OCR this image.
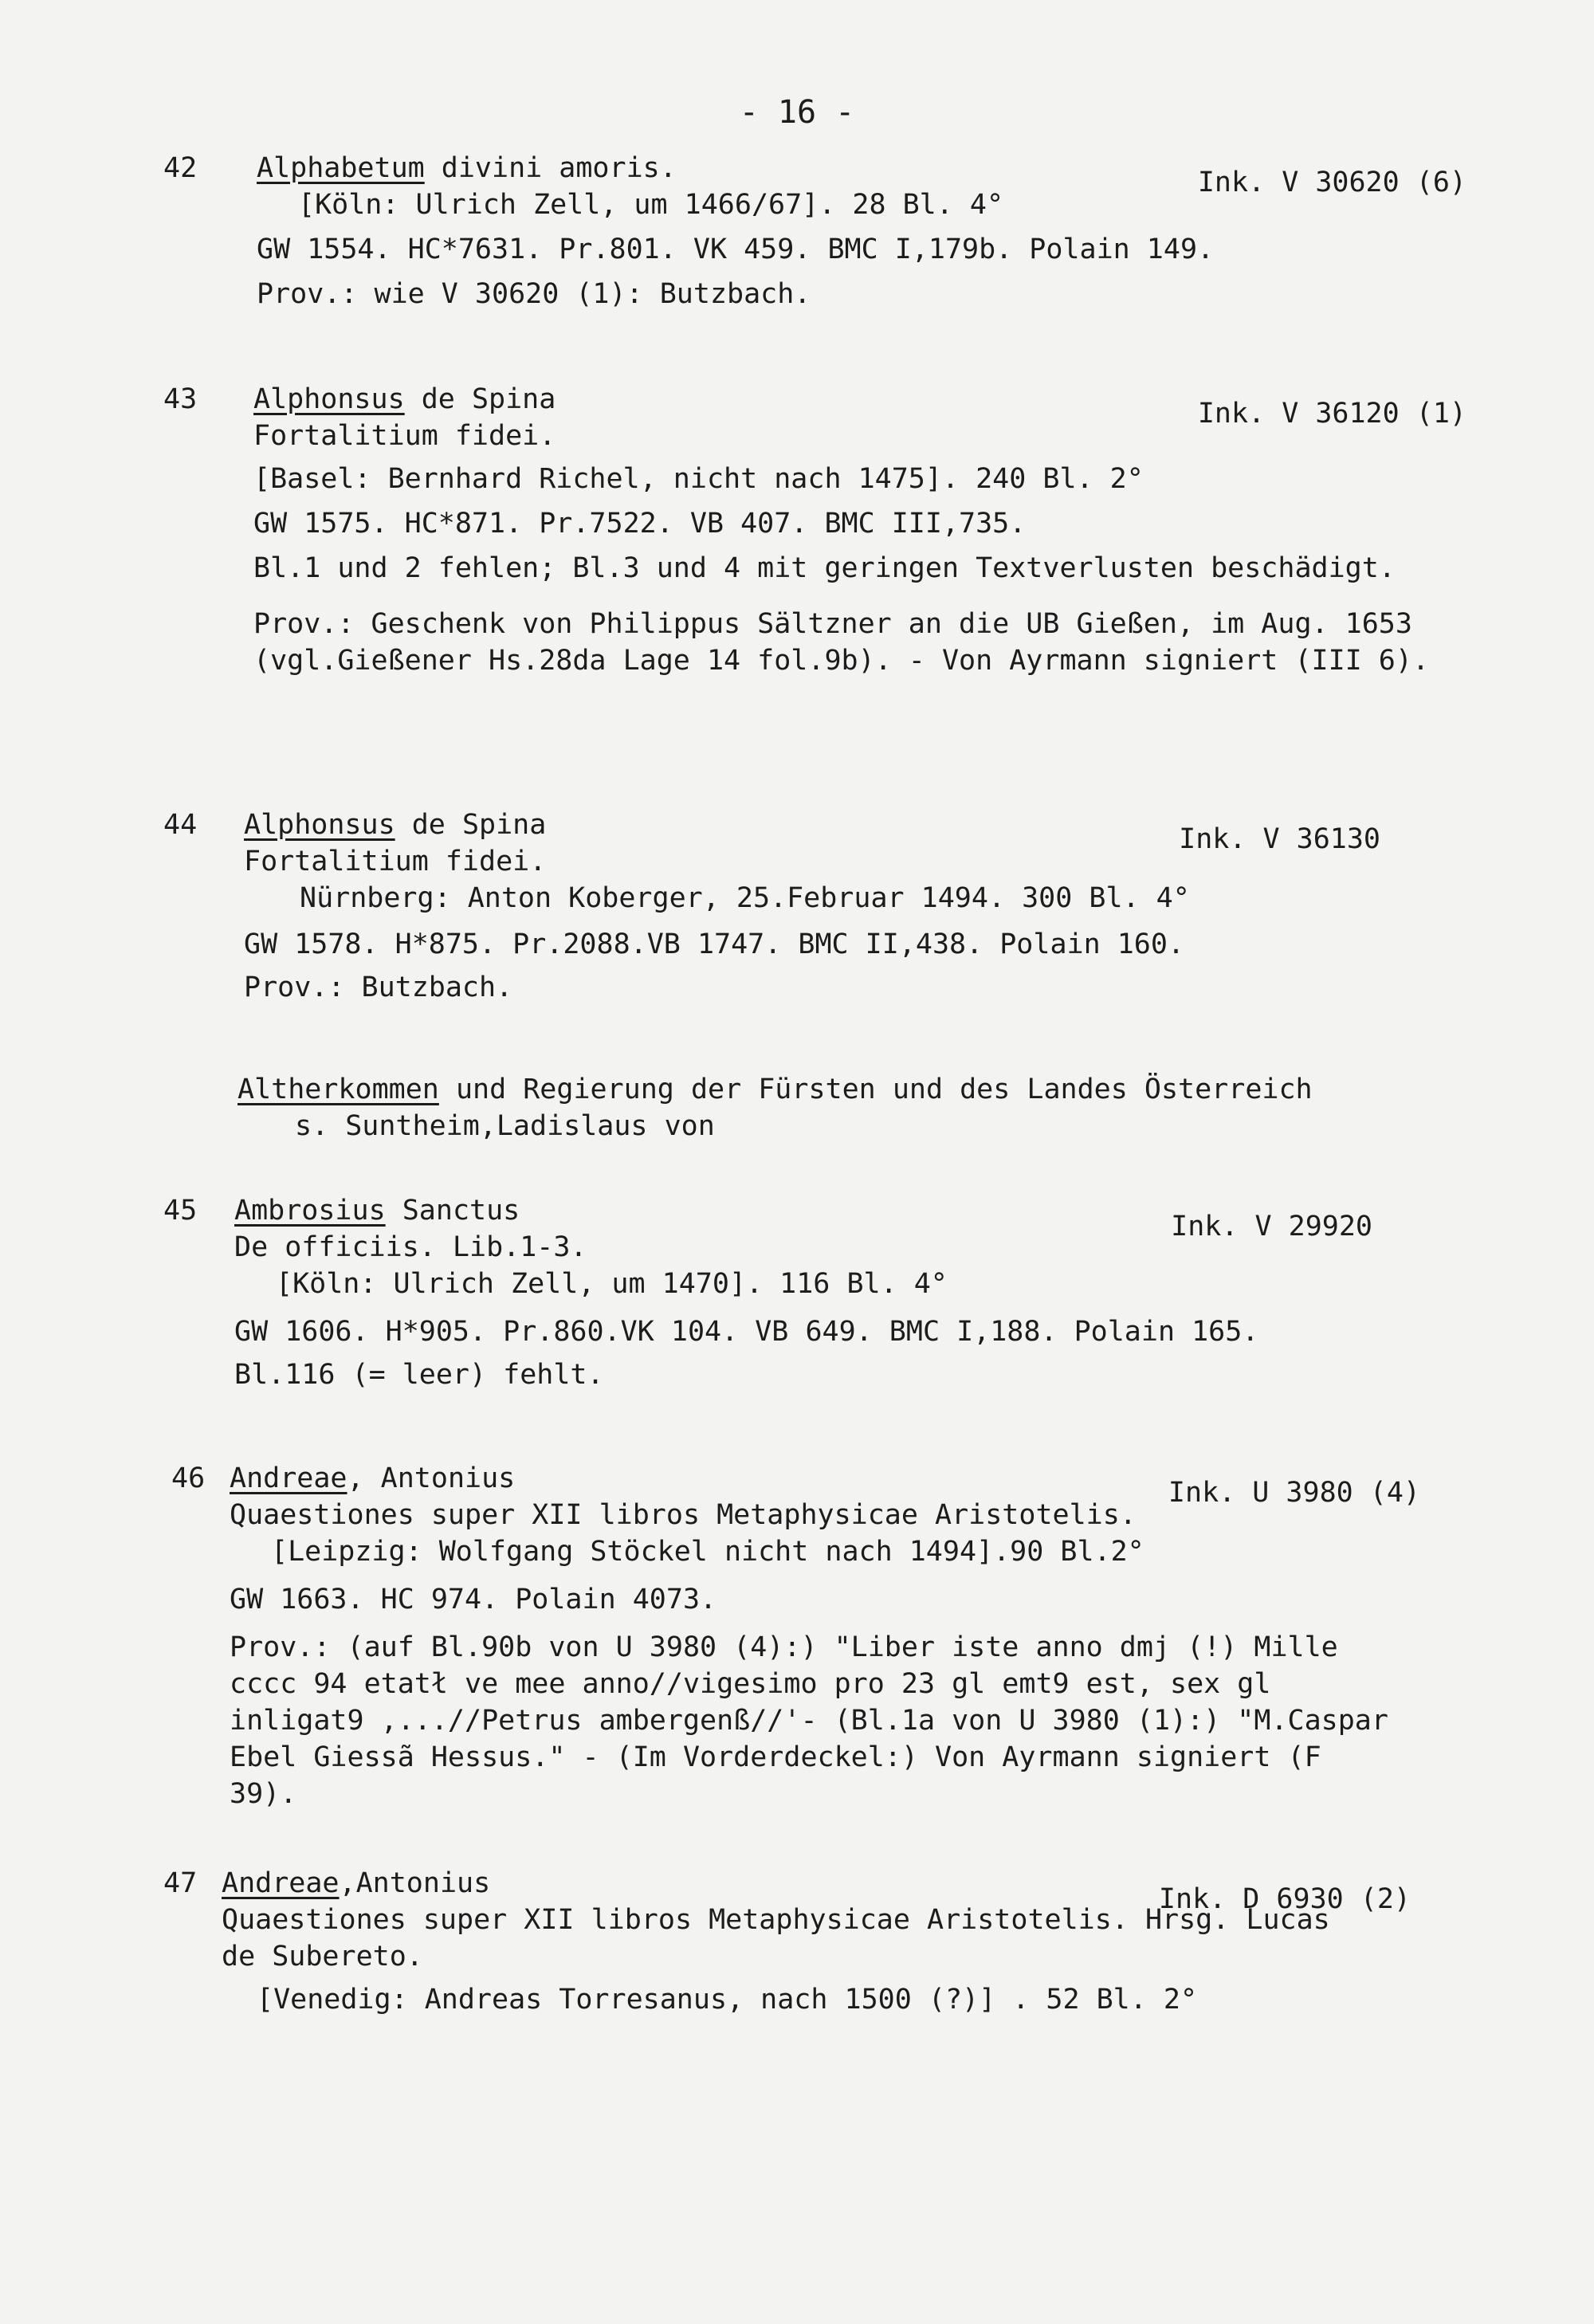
- 16 -
42 Alphabetum divini amoris.
[Köln: Ulrich Zell, um 1466/67]. 28 Bl. 4°
GW 1554. HC*7631. Pr.801. VK 459. BMC I,179b. Polain 149.
Prov.: wie V 30620 (1): Butzbach.
Ink. V 30620 (6)
43 Alphonsus de Spina
Fortalitium fidei.
[Basel: Bernhard Richel, nicht nach 1475]. 240 Bl. 2°
GW 1575. HC*871. Pr.7522. VB 407. BMC III,735.
Bl.1 und 2 fehlen; Bl.3 und 4 mit geringen Textverlusten beschädigt.
Prov.: Geschenk von Philippus Sältzner an die UB Gießen, im Aug. 1653 (vgl.Gießener Hs.28da Lage 14 fol.9b). - Von Ayrmann signiert (III 6).
Ink. V 36120 (1)
44 Alphonsus de Spina
Fortalitium fidei.
Nürnberg: Anton Koberger, 25.Februar 1494. 300 Bl. 4°
GW 1578. H*875. Pr.2088.VB 1747. BMC II,438. Polain 160.
Prov.: Butzbach.
Ink. V 36130
Altherkommen und Regierung der Fürsten und des Landes Österreich
s. Suntheim,Ladislaus von
45 Ambrosius Sanctus
De officiis. Lib.1-3.
[Köln: Ulrich Zell, um 1470]. 116 Bl. 4°
GW 1606. H*905. Pr.860.VK 104. VB 649. BMC I,188. Polain 165.
Bl.116 (= leer) fehlt.
Ink. V 29920
46 Andreae, Antonius
Quaestiones super XII libros Metaphysicae Aristotelis.
[Leipzig: Wolfgang Stöckel nicht nach 1494].90 Bl.2°
GW 1663. HC 974. Polain 4073.
Prov.: (auf Bl.90b von U 3980 (4):) "Liber iste anno dmj (!) Mille cccc 94 etatł ve mee anno//vigesimo pro 23 gl emt9 est, sex gl inligat9 ,...//Petrus ambergenß//'- (Bl.1a von U 3980 (1):) "M.Caspar Ebel Giessã Hessus." - (Im Vorderdeckel:) Von Ayrmann signiert (F 39).
Ink. U 3980 (4)
47 Andreae,Antonius
Quaestiones super XII libros Metaphysicae Aristotelis. Hrsg. Lucas de Subereto.
[Venedig: Andreas Torresanus, nach 1500 (?)] . 52 Bl. 2°
Ink. D 6930 (2)
